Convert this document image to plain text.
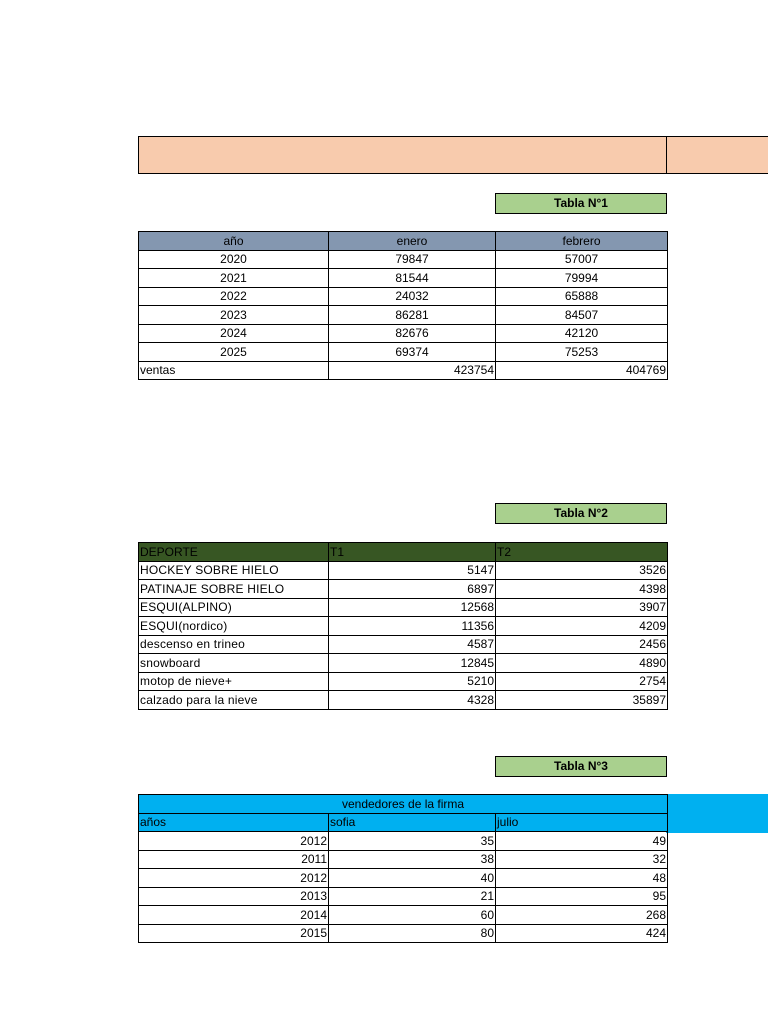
Tabla N°1
año	enero	febrero
2020	79847	57007
2021	81544	79994
2022	24032	65888
2023	86281	84507
2024	82676	42120
2025	69374	75253
ventas	423754	404769
Tabla N°2
DEPORTE	T1	T2
HOCKEY SOBRE HIELO	5147	3526
PATINAJE SOBRE HIELO	6897	4398
ESQUI(ALPINO)	12568	3907
ESQUI(nordico)	11356	4209
descenso en trineo	4587	2456
snowboard	12845	4890
motop de nieve+	5210	2754
calzado para la nieve	4328	35897
Tabla N°3
vendedores de la firma		
años	sofia	julio
2012	35	49
2011	38	32
2012	40	48
2013	21	95
2014	60	268
2015	80	424
